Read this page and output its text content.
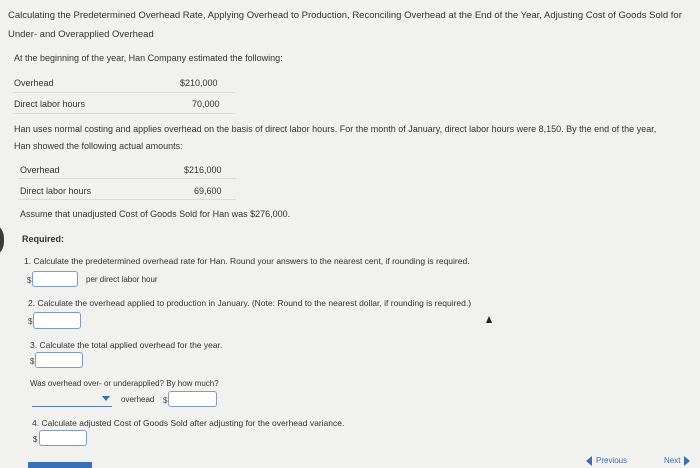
Calculating the Predetermined Overhead Rate, Applying Overhead to Production, Reconciling Overhead at the End of the Year, Adjusting Cost of Goods Sold for Under- and Overapplied Overhead
At the beginning of the year, Han Company estimated the following:
Overhead	$210,000
Direct labor hours	70,000
Han uses normal costing and applies overhead on the basis of direct labor hours. For the month of January, direct labor hours were 8,150. By the end of the year,
Han showed the following actual amounts:
Overhead	$216,000
Direct labor hours	69,600
Assume that unadjusted Cost of Goods Sold for Han was $276,000.
Required:
1. Calculate the predetermined overhead rate for Han. Round your answers to the nearest cent, if rounding is required.
$	per direct labor hour
2. Calculate the overhead applied to production in January. (Note: Round to the nearest dollar, if rounding is required.)
$
3. Calculate the total applied overhead for the year.
$
Was overhead over- or underapplied? By how much?
overhead $
4. Calculate adjusted Cost of Goods Sold after adjusting for the overhead variance.
$
Previous	Next
